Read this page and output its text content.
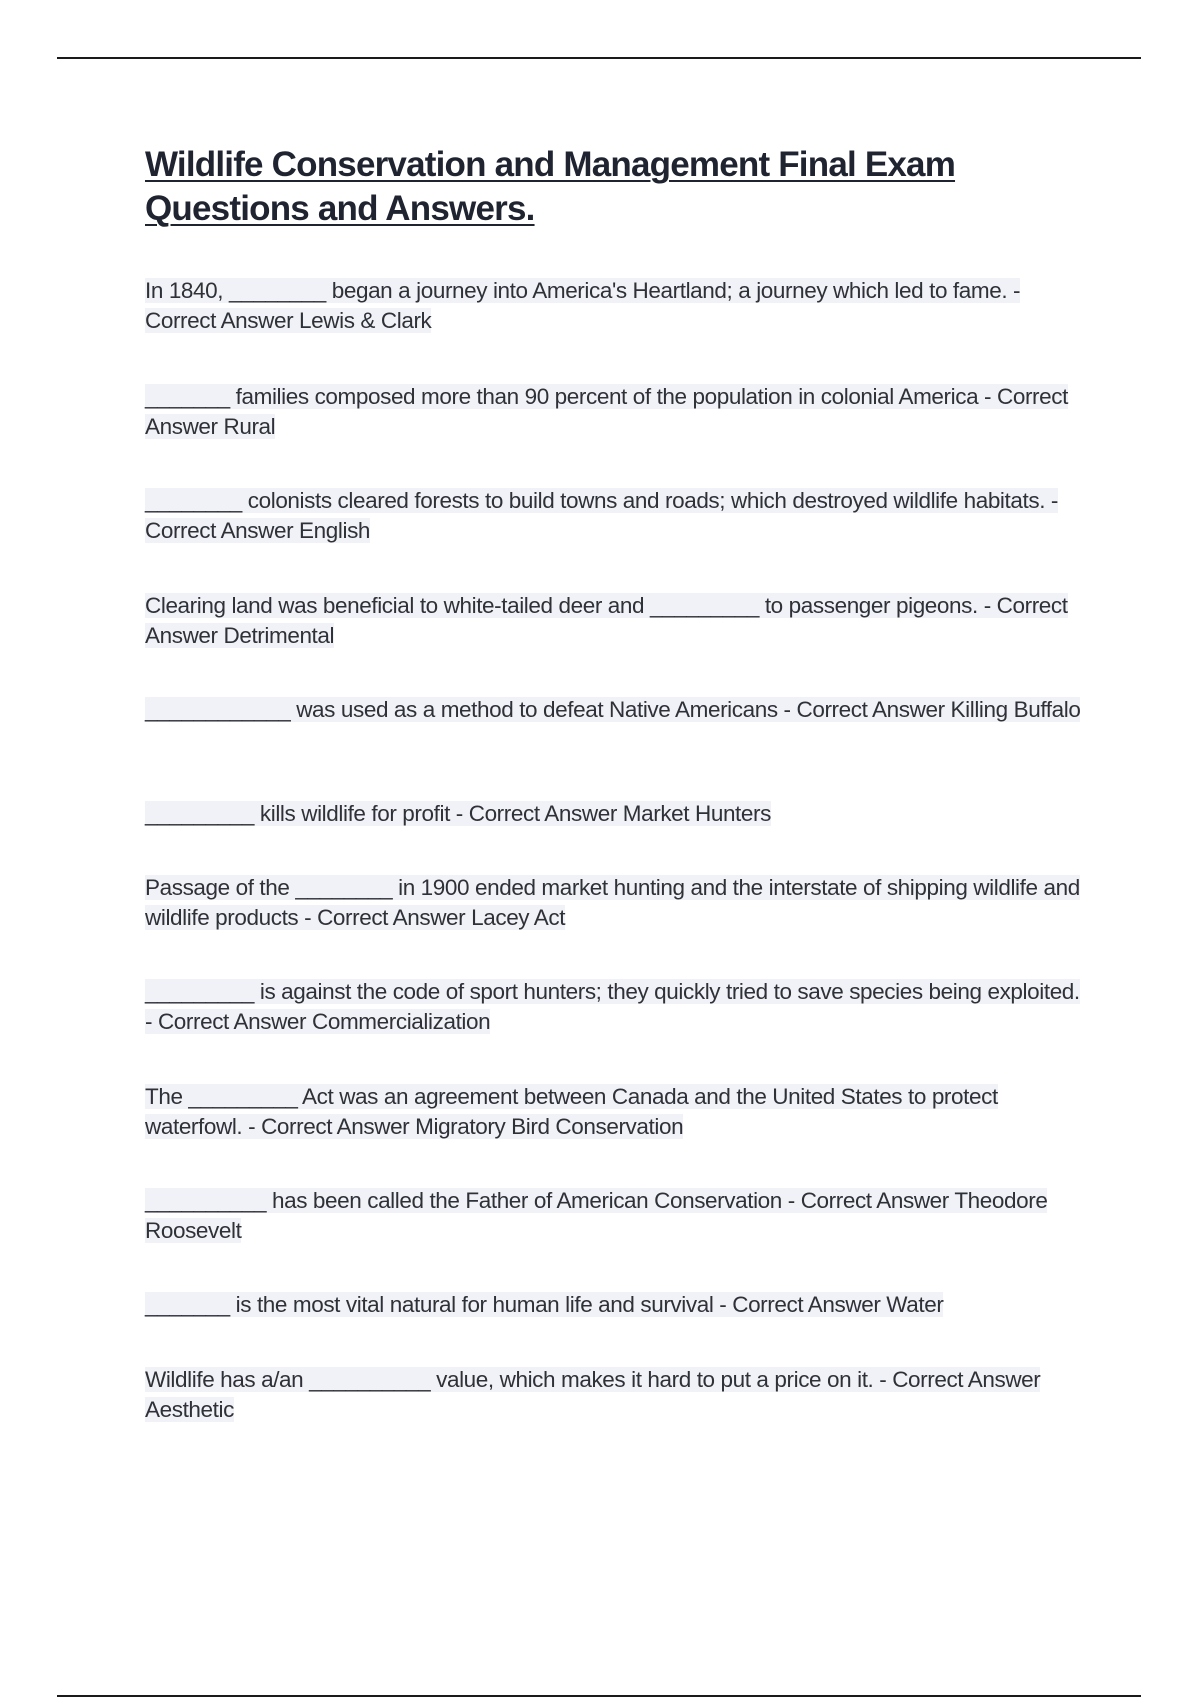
Wildlife Conservation and Management Final Exam Questions and Answers.

In 1840, ________ began a journey into America's Heartland; a journey which led to fame. - Correct Answer Lewis & Clark

_______ families composed more than 90 percent of the population in colonial America - Correct Answer Rural

________ colonists cleared forests to build towns and roads; which destroyed wildlife habitats. - Correct Answer English

Clearing land was beneficial to white-tailed deer and _________ to passenger pigeons. - Correct Answer Detrimental

____________ was used as a method to defeat Native Americans - Correct Answer Killing Buffalo

_________ kills wildlife for profit - Correct Answer Market Hunters

Passage of the ________ in 1900 ended market hunting and the interstate of shipping wildlife and wildlife products - Correct Answer Lacey Act

_________ is against the code of sport hunters; they quickly tried to save species being exploited. - Correct Answer Commercialization

The _________ Act was an agreement between Canada and the United States to protect waterfowl. - Correct Answer Migratory Bird Conservation

__________ has been called the Father of American Conservation - Correct Answer Theodore Roosevelt

_______ is the most vital natural for human life and survival - Correct Answer Water

Wildlife has a/an __________ value, which makes it hard to put a price on it. - Correct Answer Aesthetic
